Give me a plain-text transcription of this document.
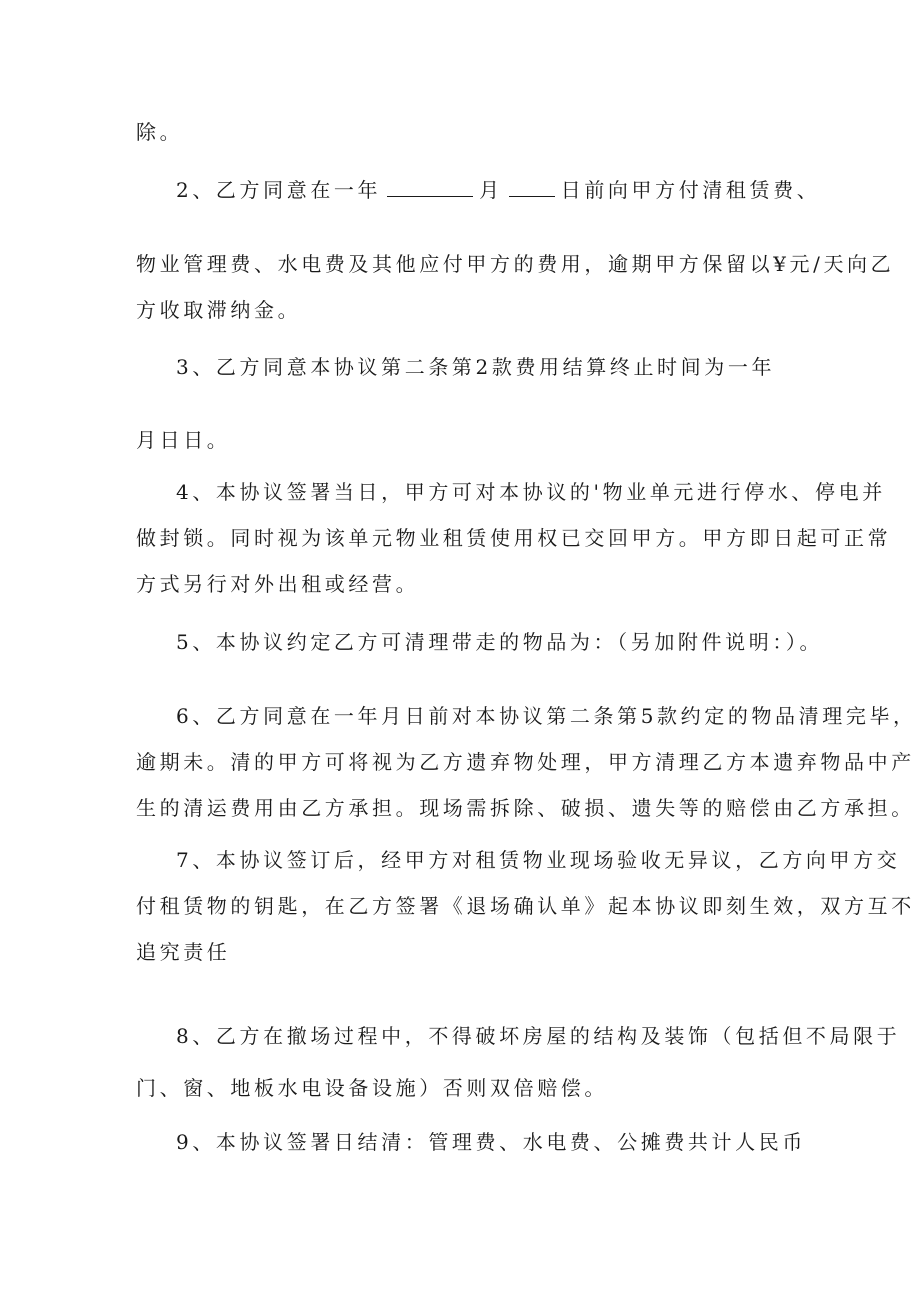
除。
2、乙方同意在一年	月	日前向甲方付清租赁费、
物业管理费、水电费及其他应付甲方的费用，逾期甲方保留以¥元/天向乙
方收取滞纳金。
3、乙方同意本协议第二条第2款费用结算终止时间为一年
月日日。
4、本协议签署当日，甲方可对本协议的'物业单元进行停水、停电并
做封锁。同时视为该单元物业租赁使用权已交回甲方。甲方即日起可正常
方式另行对外出租或经营。
5、本协议约定乙方可清理带走的物品为：（另加附件说明：）。
6、乙方同意在一年月日前对本协议第二条第5款约定的物品清理完毕，
逾期未。清的甲方可将视为乙方遗弃物处理，甲方清理乙方本遗弃物品中产
生的清运费用由乙方承担。现场需拆除、破损、遗失等的赔偿由乙方承担。
7、本协议签订后，经甲方对租赁物业现场验收无异议，乙方向甲方交
付租赁物的钥匙，在乙方签署《退场确认单》起本协议即刻生效，双方互不
追究责任
8、乙方在撤场过程中，不得破坏房屋的结构及装饰（包括但不局限于
门、窗、地板水电设备设施）否则双倍赔偿。
9、本协议签署日结清：管理费、水电费、公摊费共计人民币
